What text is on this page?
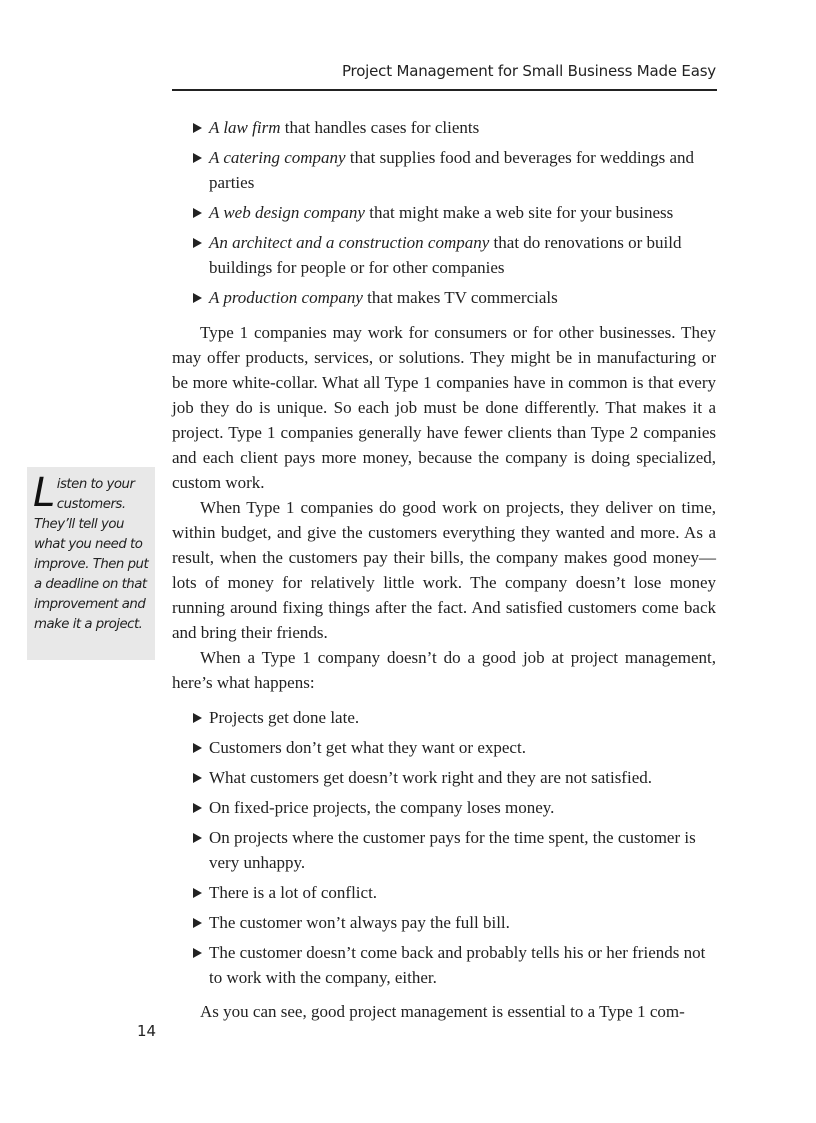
Project Management for Small Business Made Easy
A law firm that handles cases for clients
A catering company that supplies food and beverages for weddings and parties
A web design company that might make a web site for your business
An architect and a construction company that do renovations or build buildings for people or for other companies
A production company that makes TV commercials

Type 1 companies may work for consumers or for other businesses. They may offer products, services, or solutions. They might be in manufacturing or be more white-collar. What all Type 1 companies have in common is that every job they do is unique. So each job must be done differently. That makes it a project. Type 1 companies generally have fewer clients than Type 2 companies and each client pays more money, because the company is doing specialized, custom work.

When Type 1 companies do good work on projects, they deliver on time, within budget, and give the customers everything they wanted and more. As a result, when the customers pay their bills, the company makes good money—lots of money for relatively little work. The company doesn’t lose money running around fixing things after the fact. And satisfied customers come back and bring their friends.

When a Type 1 company doesn’t do a good job at project management, here’s what happens:

Projects get done late.
Customers don’t get what they want or expect.
What customers get doesn’t work right and they are not satisfied.
On fixed-price projects, the company loses money.
On projects where the customer pays for the time spent, the customer is very unhappy.
There is a lot of conflict.
The customer won’t always pay the full bill.
The customer doesn’t come back and probably tells his or her friends not to work with the company, either.

As you can see, good project management is essential to a Type 1 com-

Listen to your customers. They’ll tell you what you need to improve. Then put a deadline on that improvement and make it a project.
14
